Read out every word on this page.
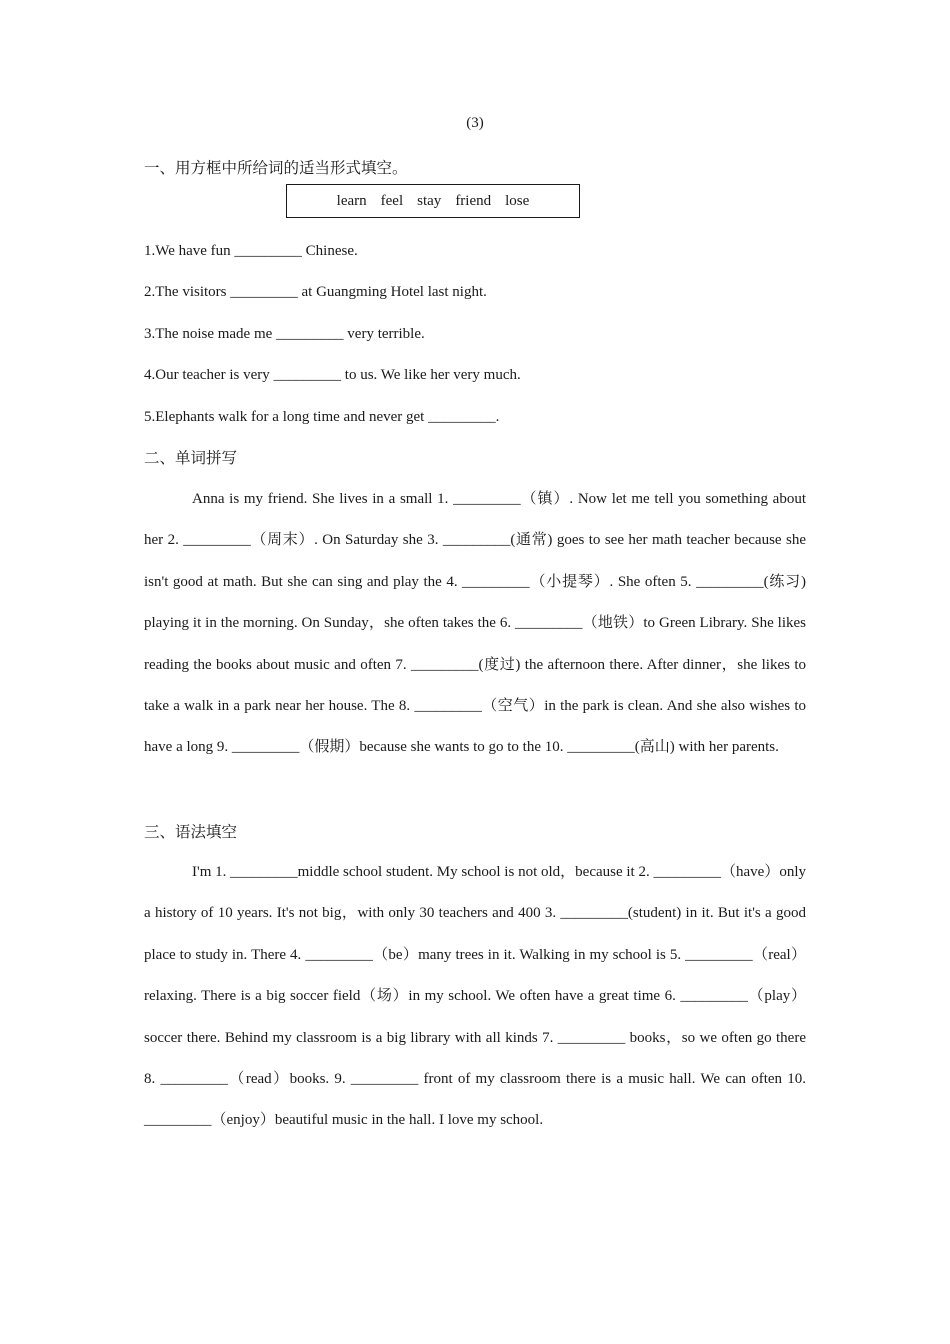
(3)
一、用方框中所给词的适当形式填空。
learn feel stay friend lose
1.We have fun _________ Chinese.
2.The visitors _________ at Guangming Hotel last night.
3.The noise made me _________ very terrible.
4.Our teacher is very _________ to us. We like her very much.
5.Elephants walk for a long time and never get _________.
二、单词拼写

Anna is my friend. She lives in a small 1. _________（镇）. Now let me tell you something about her 2. _________（周末）. On Saturday she 3. _________(通常) goes to see her math teacher because she isn't good at math. But she can sing and play the 4. _________（小提琴）. She often 5. _________(练习) playing it in the morning. On Sunday，she often takes the 6. _________（地铁）to Green Library. She likes reading the books about music and often 7. _________(度过) the afternoon there. After dinner，she likes to take a walk in a park near her house. The 8. _________（空气）in the park is clean. And she also wishes to have a long 9. _________（假期）because she wants to go to the 10. _________(高山) with her parents.

三、语法填空

I'm 1. _________middle school student. My school is not old，because it 2. _________（have）only a history of 10 years. It's not big，with only 30 teachers and 400 3. _________(student) in it. But it's a good place to study in. There 4. _________（be）many trees in it. Walking in my school is 5. _________（real）relaxing. There is a big soccer field（场）in my school. We often have a great time 6. _________（play）soccer there. Behind my classroom is a big library with all kinds 7. _________ books，so we often go there 8. _________（read）books. 9. _________ front of my classroom there is a music hall. We can often 10. _________（enjoy）beautiful music in the hall. I love my school.
